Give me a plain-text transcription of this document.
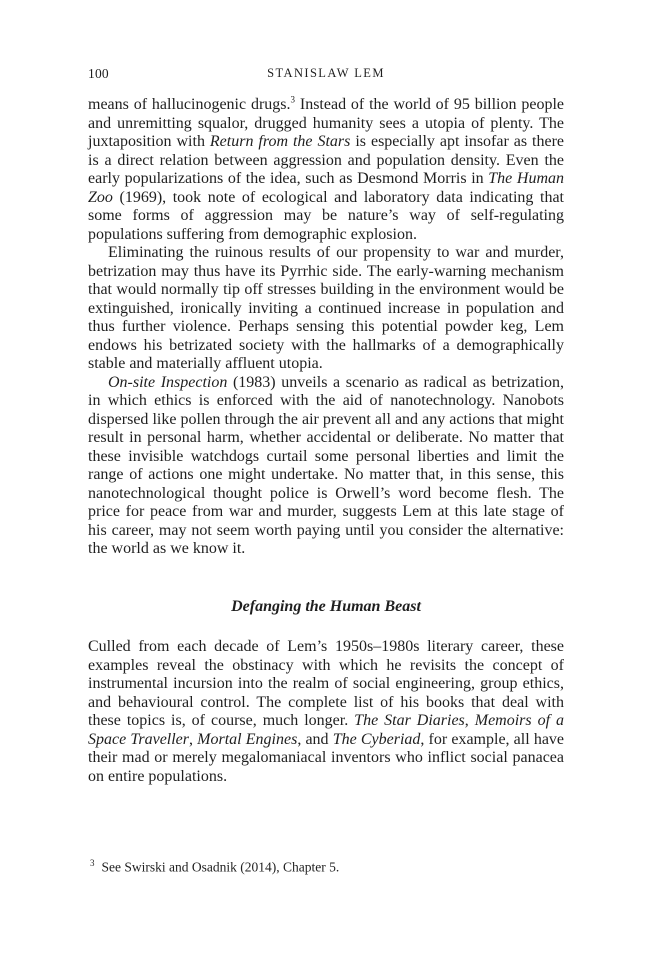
100	STANISLAW LEM

means of hallucinogenic drugs.$^3$ Instead of the world of 95 billion people and unremitting squalor, drugged humanity sees a utopia of plenty. The juxtaposition with Return from the Stars is especially apt insofar as there is a direct relation between aggression and population density. Even the early popularizations of the idea, such as Desmond Morris in The Human Zoo (1969), took note of ecological and laboratory data indicating that some forms of aggression may be nature’s way of self-regulating populations suffering from demographic explosion.

Eliminating the ruinous results of our propensity to war and murder, betrization may thus have its Pyrrhic side. The early-warning mechanism that would normally tip off stresses building in the environment would be extinguished, ironically inviting a continued increase in population and thus further violence. Perhaps sensing this potential powder keg, Lem endows his betrizated society with the hallmarks of a demographically stable and materially affluent utopia.

On-site Inspection (1983) unveils a scenario as radical as betrization, in which ethics is enforced with the aid of nanotechnology. Nanobots dispersed like pollen through the air prevent all and any actions that might result in personal harm, whether accidental or deliberate. No matter that these invisible watchdogs curtail some personal liberties and limit the range of actions one might undertake. No matter that, in this sense, this nanotechnological thought police is Orwell’s word become flesh. The price for peace from war and murder, suggests Lem at this late stage of his career, may not seem worth paying until you consider the alternative: the world as we know it.

Defanging the Human Beast

Culled from each decade of Lem’s 1950s–1980s literary career, these examples reveal the obstinacy with which he revisits the concept of instrumental incursion into the realm of social engineering, group ethics, and behavioural control. The complete list of his books that deal with these topics is, of course, much longer. The Star Diaries, Memoirs of a Space Traveller, Mortal Engines, and The Cyberiad, for example, all have their mad or merely megalomaniacal inventors who inflict social panacea on entire populations.

$^3$ See Swirski and Osadnik (2014), Chapter 5.
